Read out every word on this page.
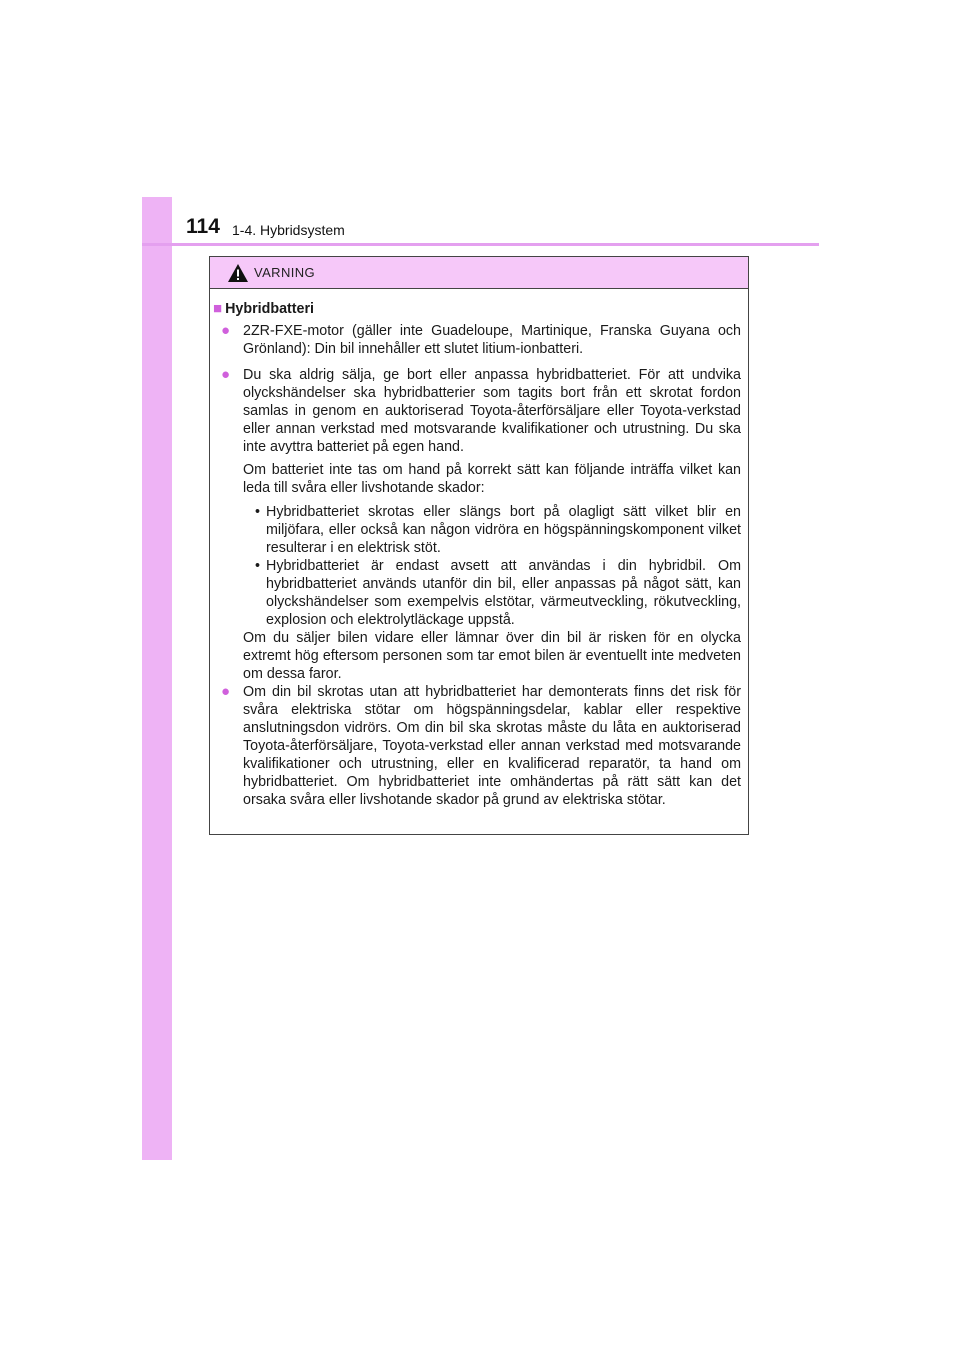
114 1-4. Hybridsystem
VARNING
■ Hybridbatteri
● 2ZR-FXE-motor (gäller inte Guadeloupe, Martinique, Franska Guyana och Grönland): Din bil innehåller ett slutet litium-ionbatteri.
● Du ska aldrig sälja, ge bort eller anpassa hybridbatteriet. För att undvika olyckshändelser ska hybridbatterier som tagits bort från ett skrotat fordon samlas in genom en auktoriserad Toyota-återförsäljare eller Toyota-verkstad eller annan verkstad med motsvarande kvalifikationer och utrustning. Du ska inte avyttra batteriet på egen hand.
Om batteriet inte tas om hand på korrekt sätt kan följande inträffa vilket kan leda till svåra eller livshotande skador:
• Hybridbatteriet skrotas eller slängs bort på olagligt sätt vilket blir en miljöfara, eller också kan någon vidröra en högspänningskomponent vilket resulterar i en elektrisk stöt.
• Hybridbatteriet är endast avsett att användas i din hybridbil. Om hybridbatteriet används utanför din bil, eller anpassas på något sätt, kan olyckshändelser som exempelvis elstötar, värmeutveckling, rökutveckling, explosion och elektrolytläckage uppstå.
Om du säljer bilen vidare eller lämnar över din bil är risken för en olycka extremt hög eftersom personen som tar emot bilen är eventuellt inte medveten om dessa faror.
● Om din bil skrotas utan att hybridbatteriet har demonterats finns det risk för svåra elektriska stötar om högspänningsdelar, kablar eller respektive anslutningsdon vidrörs. Om din bil ska skrotas måste du låta en auktoriserad Toyota-återförsäljare, Toyota-verkstad eller annan verkstad med motsvarande kvalifikationer och utrustning, eller en kvalificerad reparatör, ta hand om hybridbatteriet. Om hybridbatteriet inte omhändertas på rätt sätt kan det orsaka svåra eller livshotande skador på grund av elektriska stötar.
